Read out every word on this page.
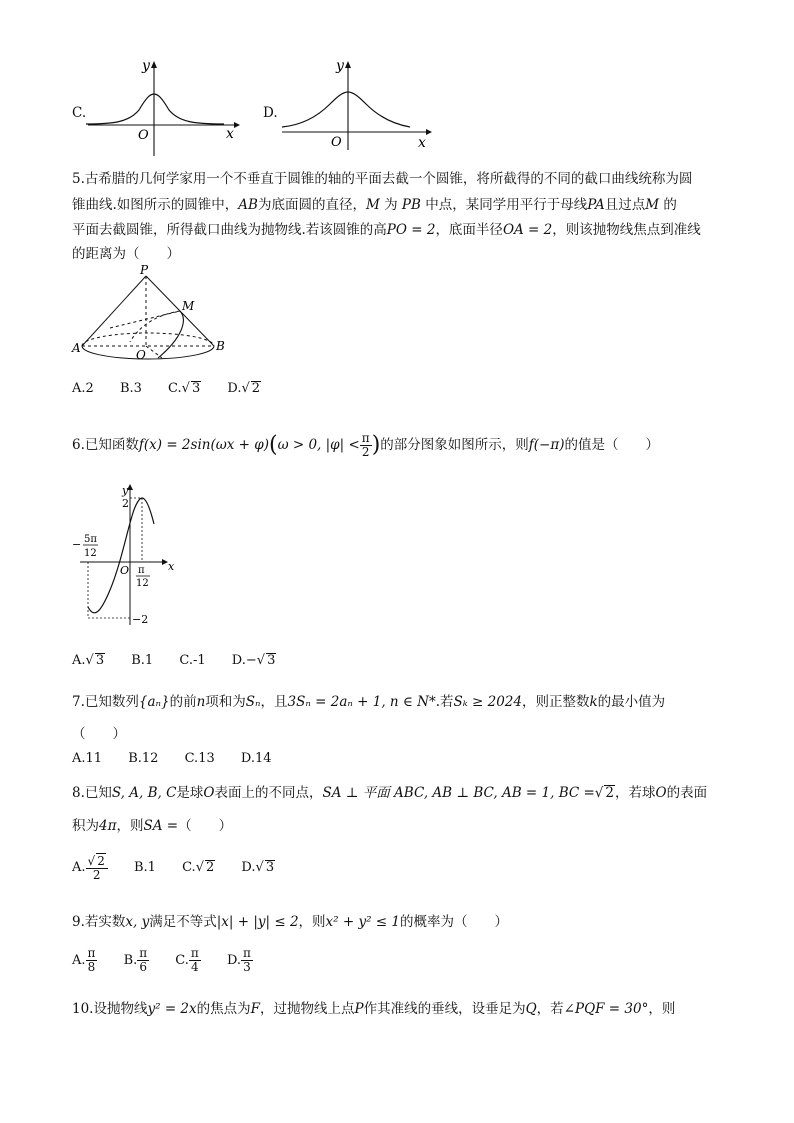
C.
y
x
O
D.
y
x
O
5.古希腊的几何学家用一个不垂直于圆锥的轴的平面去截一个圆锥，将所截得的不同的截口曲线统称为圆
锥曲线.如图所示的圆锥中，AB为底面圆的直径，M 为 PB 中点，某同学用平行于母线PA且过点M 的
平面去截圆锥，所得截口曲线为抛物线.若该圆锥的高PO = 2，底面半径OA = 2，则该抛物线焦点到准线
的距离为（　　）
P
M
A	O
B
A.2 B.3 C.√ 3 D.√ 2
6.已知函数f(x) = 2sin(ωx + φ)(ω > 0, $|\varphi| < \frac{\pi}{2}$ )的部分图象如图所示，则f(−π)的值是（　　）
y
x
O
2
−2
− 5π
12
π
12
A.√ 3 B.1 C.-1 D.−√ 3
7.已知数列{aₙ}的前n项和为Sₙ，且3Sₙ = 2aₙ + 1, n ∈ N*.若Sₖ ≥ 2024，则正整数k的最小值为
（　　）
A.11 B.12 C.13 D.14
8.已知S, A, B, C是球O表面上的不同点，SA ⊥ 平面 ABC, AB ⊥ BC, AB = 1, BC =√ 2，若球O的表面
积为4π，则SA =（　　）
A. $\frac{√ 2}{2} B.1$ C.√ 2 D.√ 3
9.若实数x, y满足不等式|x| + |y| ≤ 2，则x² + y² ≤ 1的概率为（　　）
A. $\frac{\pi}{8} B$. $\frac{\pi}{6} C$. $\frac{\pi}{4} D$. $\frac{\pi}{3}$
10.设抛物线y² = 2x的焦点为F，过抛物线上点P作其准线的垂线，设垂足为Q，若∠PQF = 30°，则
